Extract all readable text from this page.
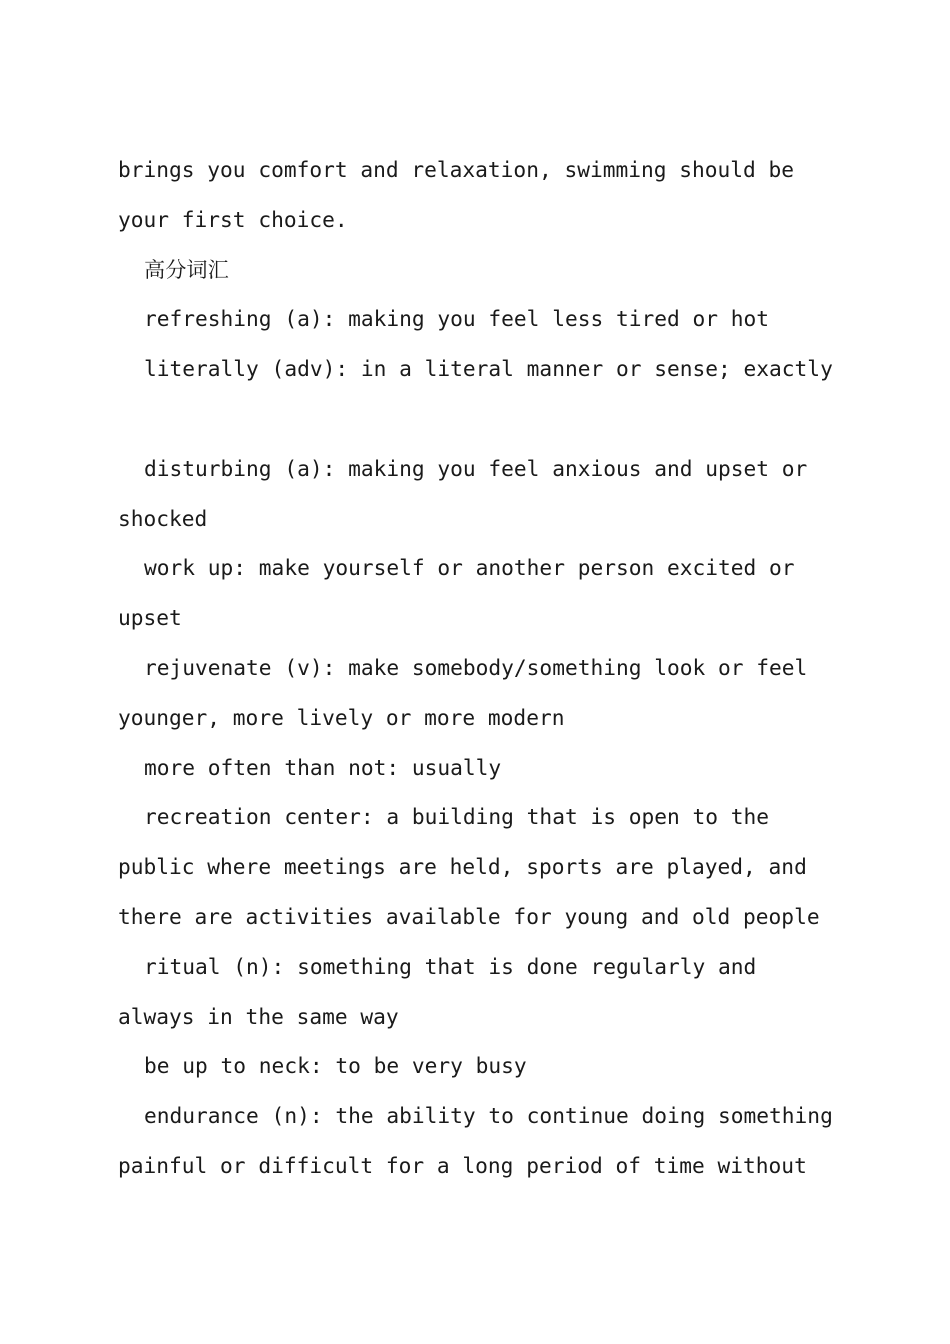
brings you comfort and relaxation, swimming should be
your first choice.
高分词汇
refreshing (a): making you feel less tired or hot
literally (adv): in a literal manner or sense; exactly
disturbing (a): making you feel anxious and upset or
shocked
work up: make yourself or another person excited or
upset
rejuvenate (v): make somebody/something look or feel
younger, more lively or more modern
more often than not: usually
recreation center: a building that is open to the
public where meetings are held, sports are played, and
there are activities available for young and old people
ritual (n): something that is done regularly and
always in the same way
be up to neck: to be very busy
endurance (n): the ability to continue doing something
painful or difficult for a long period of time without
